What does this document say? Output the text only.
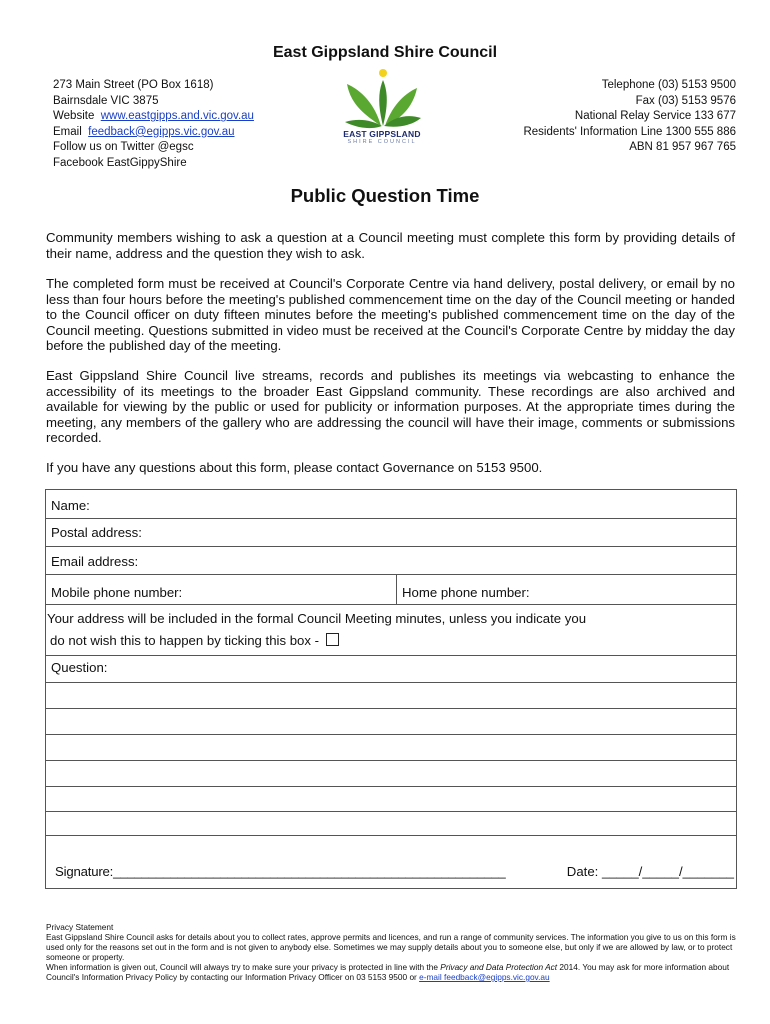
East Gippsland Shire Council
273 Main Street (PO Box 1618)
Bairnsdale VIC 3875
Website www.eastgipps.and.vic.gov.au
Email feedback@egipps.vic.gov.au
Follow us on Twitter @egsc
Facebook EastGippyShire
EAST GIPPSLAND
SHIRE COUNCIL
Telephone (03) 5153 9500
Fax (03) 5153 9576
National Relay Service 133 677
Residents' Information Line 1300 555 886
ABN 81 957 967 765
Public Question Time
Community members wishing to ask a question at a Council meeting must complete this form by providing details of their name, address and the question they wish to ask.
The completed form must be received at Council's Corporate Centre via hand delivery, postal delivery, or email by no less than four hours before the meeting's published commencement time on the day of the Council meeting or handed to the Council officer on duty fifteen minutes before the meeting's published commencement time on the day of the Council meeting. Questions submitted in video must be received at the Council's Corporate Centre by midday the day before the published day of the meeting.
East Gippsland Shire Council live streams, records and publishes its meetings via webcasting to enhance the accessibility of its meetings to the broader East Gippsland community. These recordings are also archived and available for viewing by the public or used for publicity or information purposes. At the appropriate times during the meeting, any members of the gallery who are addressing the council will have their image, comments or submissions recorded.
If you have any questions about this form, please contact Governance on 5153 9500.
Name:
Postal address:
Email address:
Mobile phone number:	Home phone number:
Your address will be included in the formal Council Meeting minutes, unless you indicate you
do not wish this to happen by ticking this box -
Question:
Signature:_______________________________________________________	Date: _____/_____/_______
Privacy Statement
East Gippsland Shire Council asks for details about you to collect rates, approve permits and licences, and run a range of community services. The information you give to us on this form is used only for the reasons set out in the form and is not given to anybody else. Sometimes we may supply details about you to someone else, but only if we are allowed by law, or to protect someone or property.
When information is given out, Council will always try to make sure your privacy is protected in line with the Privacy and Data Protection Act 2014. You may ask for more information about Council's Information Privacy Policy by contacting our Information Privacy Officer on 03 5153 9500 or e-mail feedback@egipps.vic.gov.au
